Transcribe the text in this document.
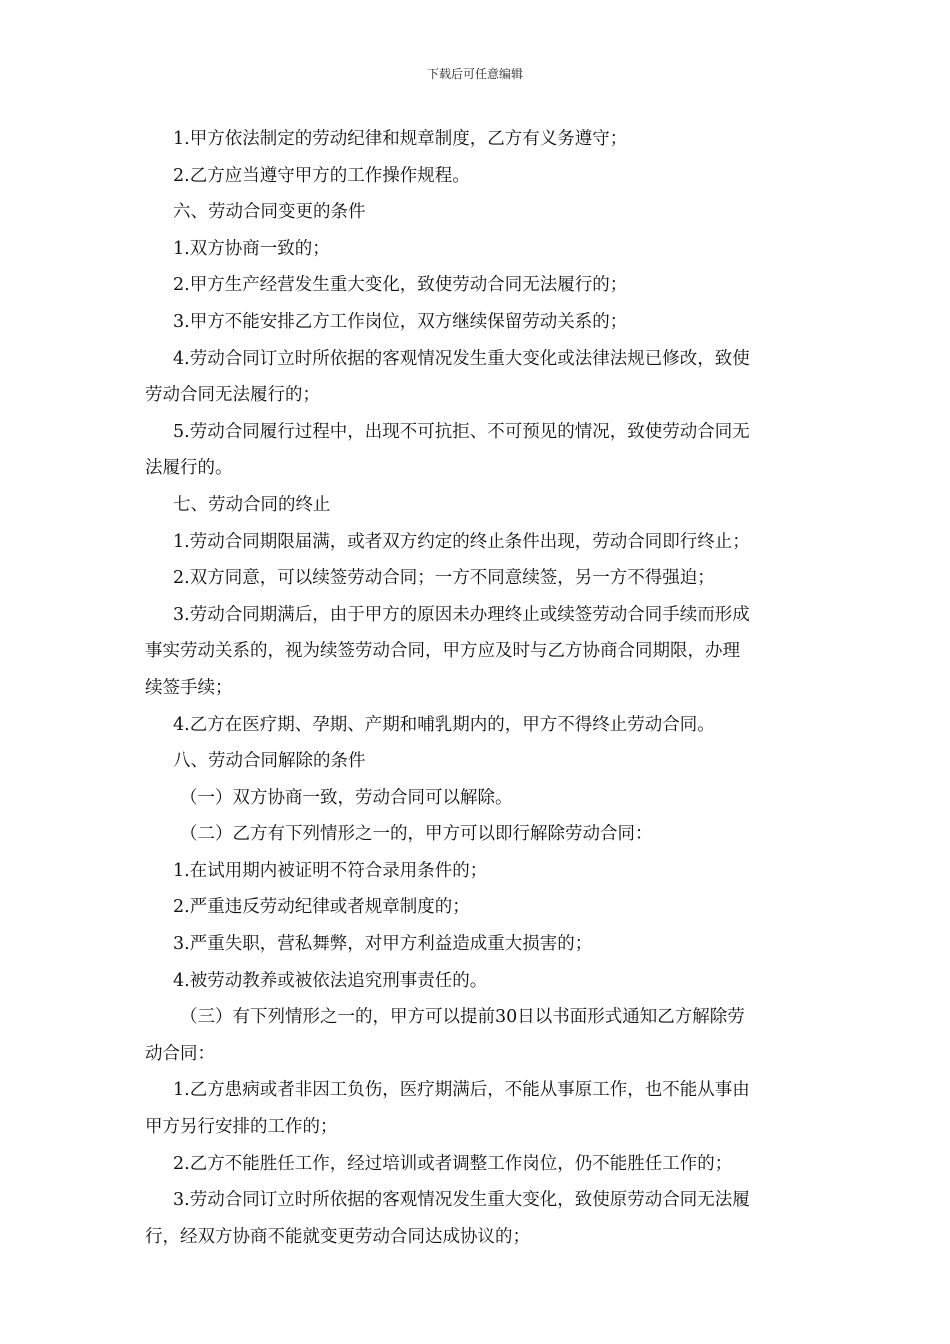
下载后可任意编辑

1.甲方依法制定的劳动纪律和规章制度，乙方有义务遵守；

2.乙方应当遵守甲方的工作操作规程。

六、劳动合同变更的条件

1.双方协商一致的；

2.甲方生产经营发生重大变化，致使劳动合同无法履行的；

3.甲方不能安排乙方工作岗位，双方继续保留劳动关系的；

4.劳动合同订立时所依据的客观情况发生重大变化或法律法规已修改，致使

劳动合同无法履行的；

5.劳动合同履行过程中，出现不可抗拒、不可预见的情况，致使劳动合同无

法履行的。

七、劳动合同的终止

1.劳动合同期限届满，或者双方约定的终止条件出现，劳动合同即行终止；

2.双方同意，可以续签劳动合同；一方不同意续签，另一方不得强迫；

3.劳动合同期满后，由于甲方的原因未办理终止或续签劳动合同手续而形成

事实劳动关系的，视为续签劳动合同，甲方应及时与乙方协商合同期限，办理

续签手续；

4.乙方在医疗期、孕期、产期和哺乳期内的，甲方不得终止劳动合同。

八、劳动合同解除的条件

（一）双方协商一致，劳动合同可以解除。

（二）乙方有下列情形之一的，甲方可以即行解除劳动合同：

1.在试用期内被证明不符合录用条件的；

2.严重违反劳动纪律或者规章制度的；

3.严重失职，营私舞弊，对甲方利益造成重大损害的；

4.被劳动教养或被依法追究刑事责任的。

（三）有下列情形之一的，甲方可以提前30日以书面形式通知乙方解除劳

动合同：

1.乙方患病或者非因工负伤，医疗期满后，不能从事原工作，也不能从事由

甲方另行安排的工作的；

2.乙方不能胜任工作，经过培训或者调整工作岗位，仍不能胜任工作的；

3.劳动合同订立时所依据的客观情况发生重大变化，致使原劳动合同无法履

行，经双方协商不能就变更劳动合同达成协议的；
